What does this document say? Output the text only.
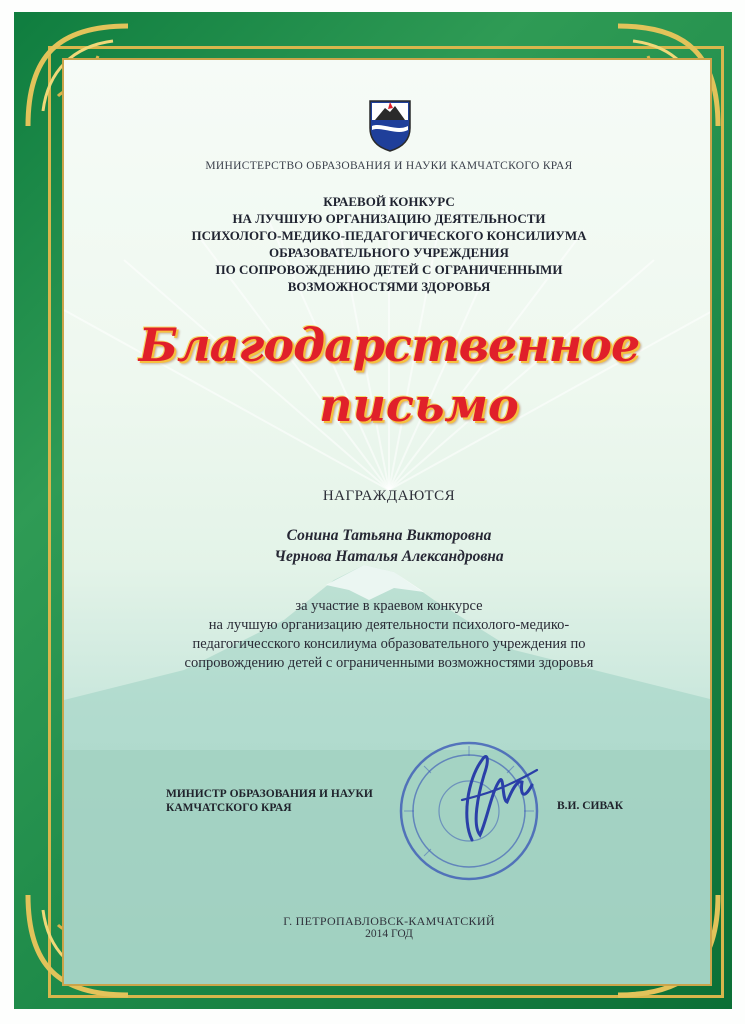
МИНИСТЕРСТВО ОБРАЗОВАНИЯ И НАУКИ КАМЧАТСКОГО КРАЯ
КРАЕВОЙ КОНКУРС
НА ЛУЧШУЮ ОРГАНИЗАЦИЮ ДЕЯТЕЛЬНОСТИ
ПСИХОЛОГО-МЕДИКО-ПЕДАГОГИЧЕСКОГО КОНСИЛИУМА
ОБРАЗОВАТЕЛЬНОГО УЧРЕЖДЕНИЯ
ПО СОПРОВОЖДЕНИЮ ДЕТЕЙ С ОГРАНИЧЕННЫМИ
ВОЗМОЖНОСТЯМИ ЗДОРОВЬЯ
Благодарственное
письмо
НАГРАЖДАЮТСЯ
Сонина Татьяна Викторовна
Чернова Наталья Александровна
за участие в краевом конкурсе
на лучшую организацию деятельности психолого-медико-
педагогичесского консилиума образовательного учреждения по
сопровождению детей с ограниченными возможностями здоровья
МИНИСТР ОБРАЗОВАНИЯ И НАУКИ
КАМЧАТСКОГО КРАЯ	В.И. СИВАК
Г. ПЕТРОПАВЛОВСК-КАМЧАТСКИЙ
2014 ГОД
